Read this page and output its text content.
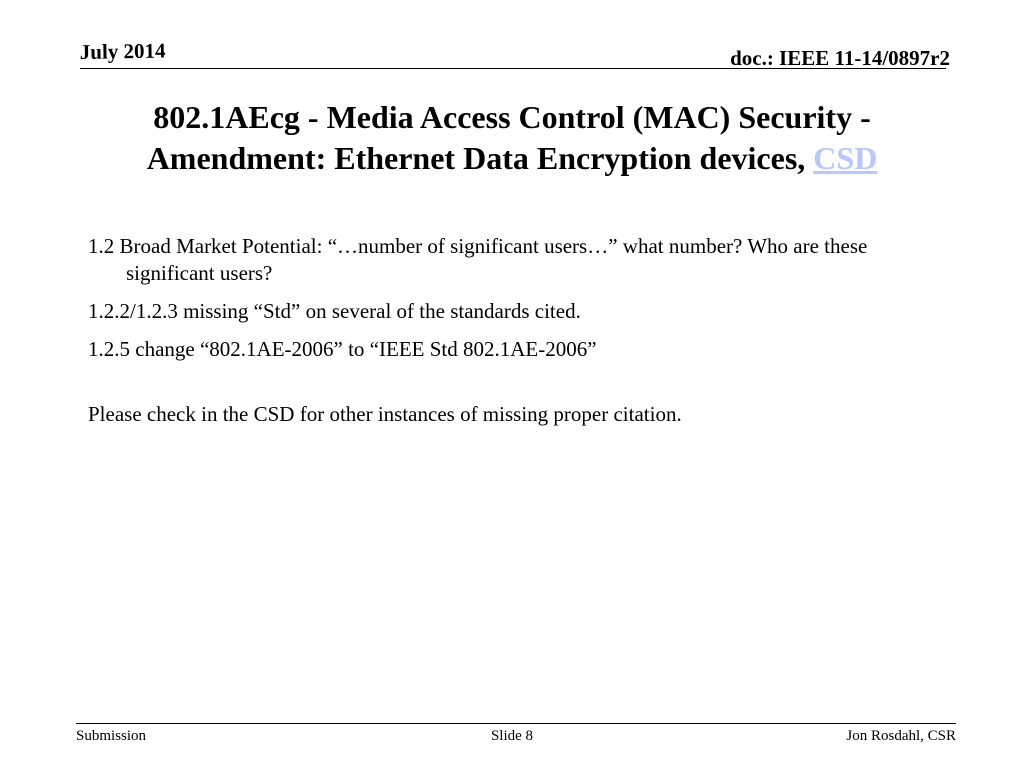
July 2014	doc.: IEEE 11-14/0897r2
802.1AEcg - Media Access Control (MAC) Security -
Amendment: Ethernet Data Encryption devices, CSD

1.2 Broad Market Potential: “…number of significant users…” what number? Who are these significant users?

1.2.2/1.2.3 missing “Std” on several of the standards cited.

1.2.5 change “802.1AE-2006” to “IEEE Std 802.1AE-2006”

Please check in the CSD for other instances of missing proper citation.

Submission	Slide 8	Jon Rosdahl, CSR
